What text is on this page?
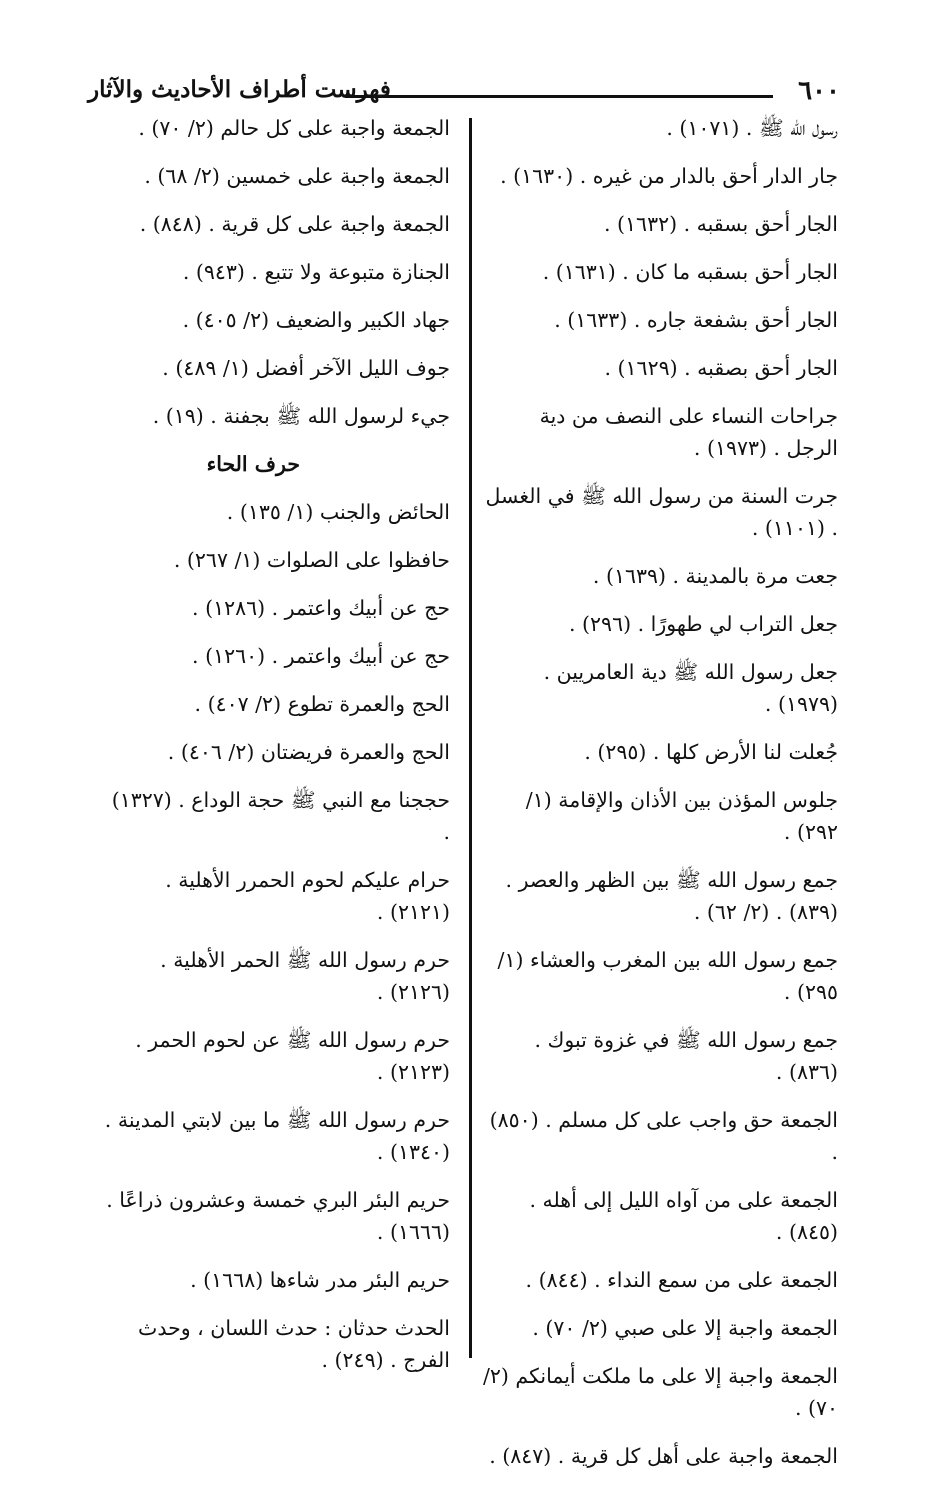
٦٠٠
فهرست أطراف الأحاديث والآثار

رسول الله ﷺ . (١٠٧١) .

جار الدار أحق بالدار من غيره . (١٦٣٠) .

الجار أحق بسقبه . (١٦٣٢) .

الجار أحق بسقبه ما كان . (١٦٣١) .

الجار أحق بشفعة جاره . (١٦٣٣) .

الجار أحق بصقبه . (١٦٢٩) .

جراحات النساء على النصف من دية الرجل . (١٩٧٣) .

جرت السنة من رسول الله ﷺ في الغسل . (١١٠١) .

جعت مرة بالمدينة . (١٦٣٩) .

جعل التراب لي طهورًا . (٢٩٦) .

جعل رسول الله ﷺ دية العامريين . (١٩٧٩) .

جُعلت لنا الأرض كلها . (٢٩٥) .

جلوس المؤذن بين الأذان والإقامة (١/ ٢٩٢) .

جمع رسول الله ﷺ بين الظهر والعصر . (٨٣٩) . (٢/ ٦٢) .

جمع رسول الله بين المغرب والعشاء (١/ ٢٩٥) .

جمع رسول الله ﷺ في غزوة تبوك . (٨٣٦) .

الجمعة حق واجب على كل مسلم . (٨٥٠) .

الجمعة على من آواه الليل إلى أهله . (٨٤٥) .

الجمعة على من سمع النداء . (٨٤٤) .

الجمعة واجبة إلا على صبي (٢/ ٧٠) .

الجمعة واجبة إلا على ما ملكت أيمانكم (٢/ ٧٠) .

الجمعة واجبة على أهل كل قرية . (٨٤٧) .

الجمعة واجبة على كل حالم (٢/ ٧٠) .

الجمعة واجبة على خمسين (٢/ ٦٨) .

الجمعة واجبة على كل قرية . (٨٤٨) .

الجنازة متبوعة ولا تتبع . (٩٤٣) .

جهاد الكبير والضعيف (٢/ ٤٠٥) .

جوف الليل الآخر أفضل (١/ ٤٨٩) .

جيء لرسول الله ﷺ بجفنة . (١٩) .

حرف الحاء

الحائض والجنب (١/ ١٣٥) .

حافظوا على الصلوات (١/ ٢٦٧) .

حج عن أبيك واعتمر . (١٢٨٦) .

حج عن أبيك واعتمر . (١٢٦٠) .

الحج والعمرة تطوع (٢/ ٤٠٧) .

الحج والعمرة فريضتان (٢/ ٤٠٦) .

حججنا مع النبي ﷺ حجة الوداع . (١٣٢٧) .

حرام عليكم لحوم الحمرر الأهلية . (٢١٢١) .

حرم رسول الله ﷺ الحمر الأهلية . (٢١٢٦) .

حرم رسول الله ﷺ عن لحوم الحمر . (٢١٢٣) .

حرم رسول الله ﷺ ما بين لابتي المدينة . (١٣٤٠) .

حريم البئر البري خمسة وعشرون ذراعًا . (١٦٦٦) .

حريم البئر مدر شاءها (١٦٦٨) .

الحدث حدثان : حدث اللسان ، وحدث الفرج . (٢٤٩) .
